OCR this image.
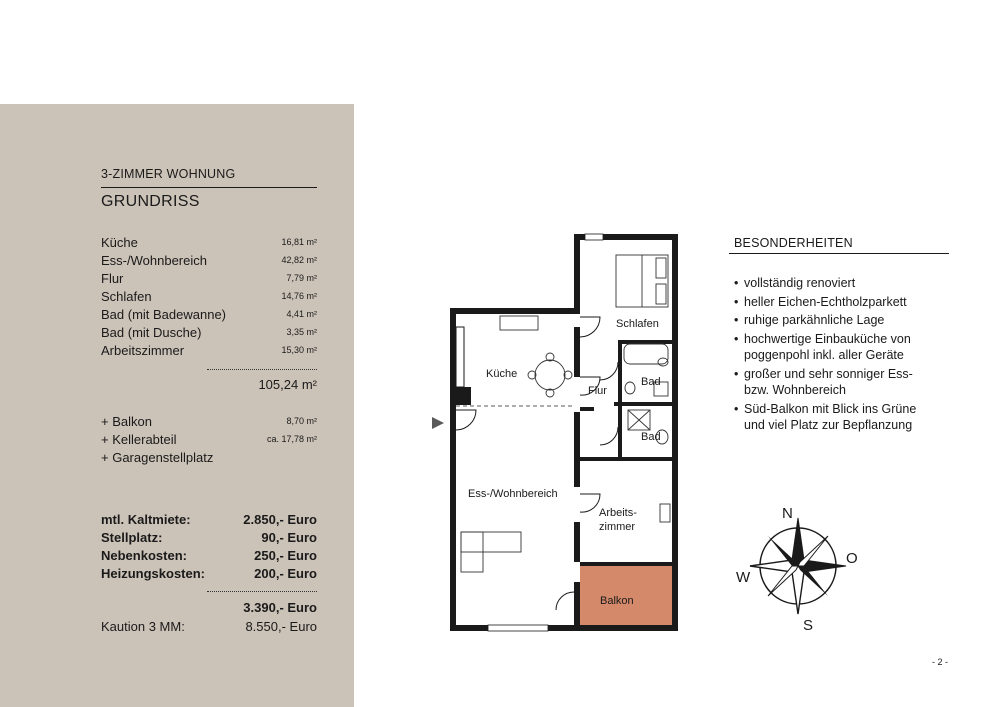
3-ZIMMER WOHNUNG
GRUNDRISS
Küche	16,81 m²
Ess-/Wohnbereich	42,82 m²
Flur	7,79 m²
Schlafen	14,76 m²
Bad (mit Badewanne)	4,41 m²
Bad (mit Dusche)	3,35 m²
Arbeitszimmer	15,30 m²
105,24 m²
+ Balkon	8,70 m²
+ Kellerabteil	ca. 17,78 m²
+ Garagenstellplatz
mtl. Kaltmiete:	2.850,- Euro
Stellplatz:	90,- Euro
Nebenkosten:	250,- Euro
Heizungskosten:	200,- Euro
3.390,- Euro
Kaution 3 MM:	8.550,- Euro
Küche
Schlafen
Flur
Bad
Bad
Ess-/Wohnbereich
Arbeits-
zimmer
Balkon
BESONDERHEITEN
• vollständig renoviert
• heller Eichen-Echtholzparkett
• ruhige parkähnliche Lage
• hochwertige Einbauküche von
poggenpohl inkl. aller Geräte
• großer und sehr sonniger Ess-
bzw. Wohnbereich
• Süd-Balkon mit Blick ins Grüne
und viel Platz zur Bepflanzung
N
S
O
W
- 2 -
